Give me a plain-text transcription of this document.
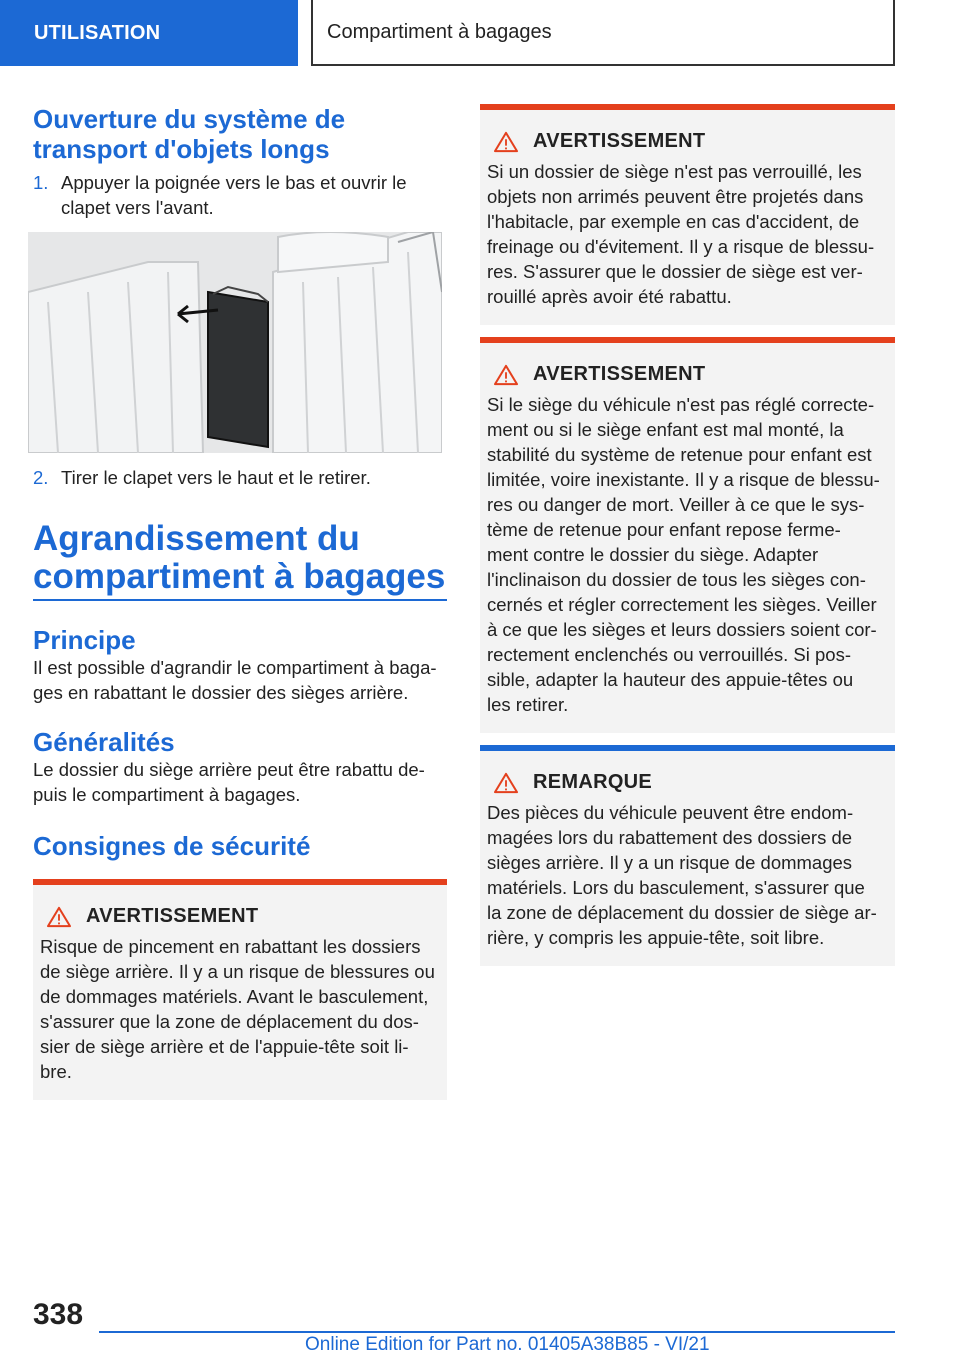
UTILISATION	Compartiment à bagages
Ouverture du système de
transport d'objets longs
1. Appuyer la poignée vers le bas et ouvrir le
clapet vers l'avant.
2. Tirer le clapet vers le haut et le retirer.
Agrandissement du
compartiment à bagages
Principe

Il est possible d'agrandir le compartiment à baga-
ges en rabattant le dossier des sièges arrière.

Généralités

Le dossier du siège arrière peut être rabattu de-
puis le compartiment à bagages.

Consignes de sécurité
AVERTISSEMENT

Risque de pincement en rabattant les dossiers
de siège arrière. Il y a un risque de blessures ou
de dommages matériels. Avant le basculement,
s'assurer que la zone de déplacement du dos-
sier de siège arrière et de l'appuie-tête soit li-
bre.

AVERTISSEMENT

Si un dossier de siège n'est pas verrouillé, les
objets non arrimés peuvent être projetés dans
l'habitacle, par exemple en cas d'accident, de
freinage ou d'évitement. Il y a risque de blessu-
res. S'assurer que le dossier de siège est ver-
rouillé après avoir été rabattu.

AVERTISSEMENT

Si le siège du véhicule n'est pas réglé correcte-
ment ou si le siège enfant est mal monté, la
stabilité du système de retenue pour enfant est
limitée, voire inexistante. Il y a risque de blessu-
res ou danger de mort. Veiller à ce que le sys-
tème de retenue pour enfant repose ferme-
ment contre le dossier du siège. Adapter
l'inclinaison du dossier de tous les sièges con-
cernés et régler correctement les sièges. Veiller
à ce que les sièges et leurs dossiers soient cor-
rectement enclenchés ou verrouillés. Si pos-
sible, adapter la hauteur des appuie-têtes ou
les retirer.

REMARQUE

Des pièces du véhicule peuvent être endom-
magées lors du rabattement des dossiers de
sièges arrière. Il y a un risque de dommages
matériels. Lors du basculement, s'assurer que
la zone de déplacement du dossier de siège ar-
rière, y compris les appuie-tête, soit libre.

338
Online Edition for Part no. 01405A38B85 - VI/21
